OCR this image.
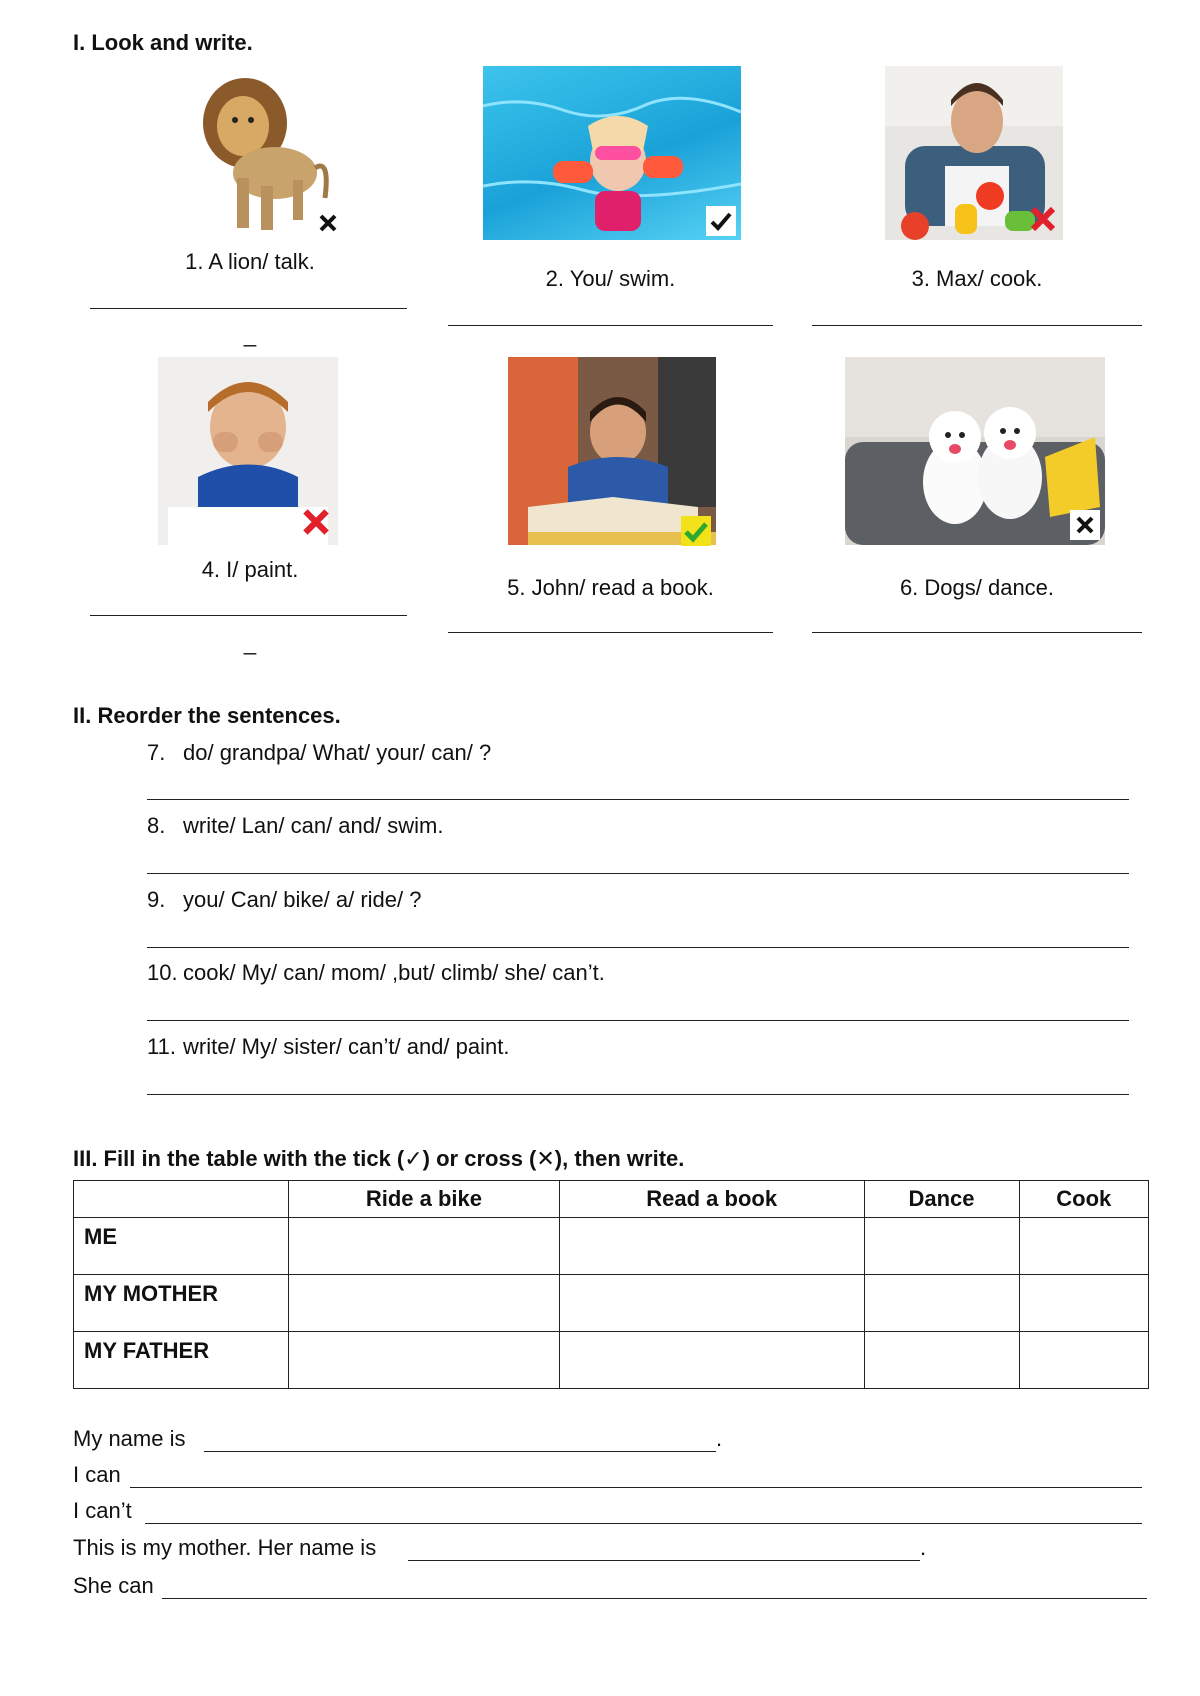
I. Look and write.
1. A lion/ talk.
_
2. You/ swim.	3. Max/ cook.
4. I/ paint.
_
5. John/ read a book.	6. Dogs/ dance.
II. Reorder the sentences.
7. do/ grandpa/ What/ your/ can/ ?
8. write/ Lan/ can/ and/ swim.
9. you/ Can/ bike/ a/ ride/ ?
10. cook/ My/ can/ mom/ ,but/ climb/ she/ can’t.
11. write/ My/ sister/ can’t/ and/ paint.
III. Fill in the table with the tick (✓) or cross (✕), then write.
	Ride a bike	Read a book	Dance	Cook
ME				
MY MOTHER				
MY FATHER				
My name is	.
I can
I can’t
This is my mother. Her name is	.
She can
